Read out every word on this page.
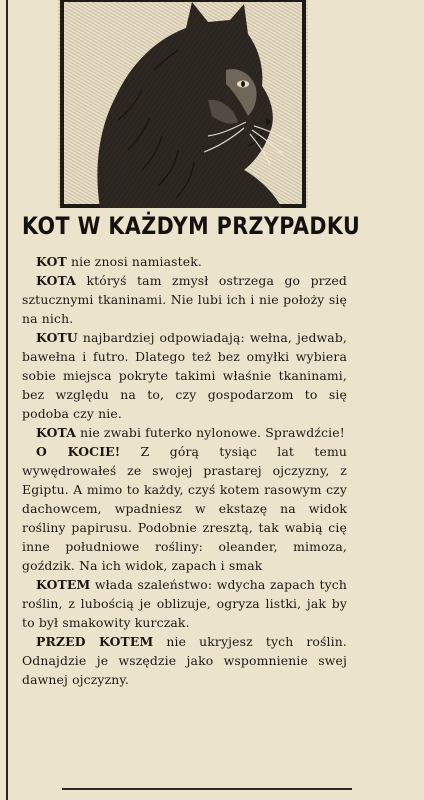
KOT W KAŻDYM PRZYPADKU

KOT nie znosi namiastek.

KOTA któryś tam zmysł ostrzega go przed sztucznymi tkaninami. Nie lubi ich i nie położy się na nich.

KOTU najbardziej odpowiadają: wełna, jedwab, bawełna i futro. Dlatego też bez omyłki wybiera sobie miejsca pokryte takimi właśnie tkaninami, bez względu na to, czy gospodarzom to się podoba czy nie.

KOTA nie zwabi futerko nylonowe. Sprawdźcie!

O KOCIE! Z górą tysiąc lat temu wywędrowałeś ze swojej prastarej ojczyzny, z Egiptu. A mimo to każdy, czyś kotem rasowym czy dachowcem, wpadniesz w ekstazę na widok rośliny papirusu. Podobnie zresztą, tak wabią cię inne południowe rośliny: oleander, mimoza, goździk. Na ich widok, zapach i smak

KOTEM włada szaleństwo: wdycha zapach tych roślin, z lubością je oblizuje, ogryza listki, jak by to był smakowity kurczak.

PRZED KOTEM nie ukryjesz tych roślin. Odnajdzie je wszędzie jako wspomnienie swej dawnej ojczyzny.
